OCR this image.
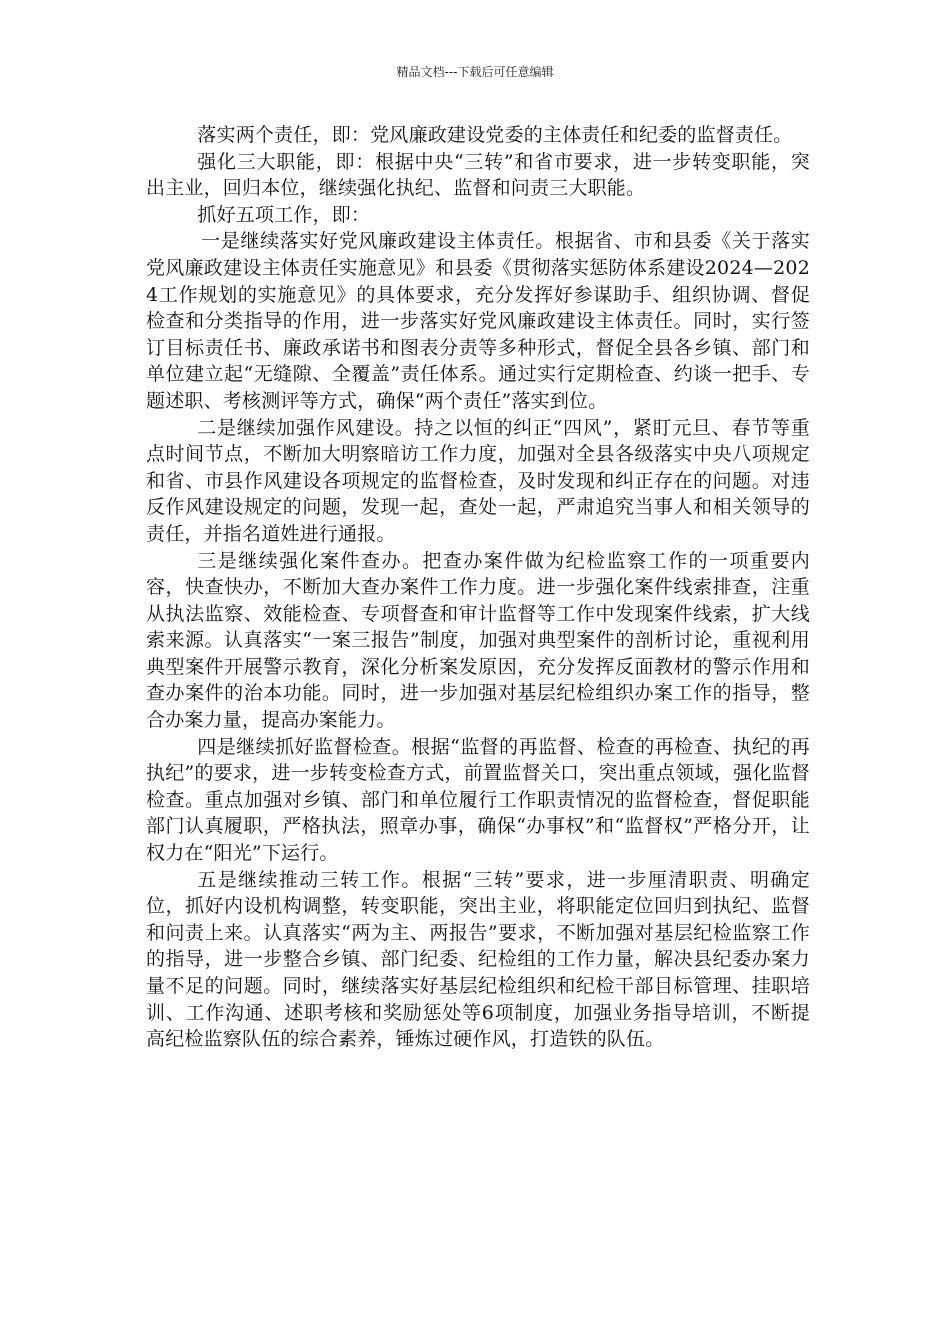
精品文档---下载后可任意编辑

落实两个责任，即：党风廉政建设党委的主体责任和纪委的监督责任。

强化三大职能，即：根据中央“三转”和省市要求，进一步转变职能，突出主业，回归本位，继续强化执纪、监督和问责三大职能。

抓好五项工作，即：

一是继续落实好党风廉政建设主体责任。根据省、市和县委《关于落实党风廉政建设主体责任实施意见》和县委《贯彻落实惩防体系建设2024—2024工作规划的实施意见》的具体要求，充分发挥好参谋助手、组织协调、督促检查和分类指导的作用，进一步落实好党风廉政建设主体责任。同时，实行签订目标责任书、廉政承诺书和图表分责等多种形式，督促全县各乡镇、部门和单位建立起“无缝隙、全覆盖”责任体系。通过实行定期检查、约谈一把手、专题述职、考核测评等方式，确保“两个责任”落实到位。

二是继续加强作风建设。持之以恒的纠正“四风”，紧盯元旦、春节等重点时间节点，不断加大明察暗访工作力度，加强对全县各级落实中央八项规定和省、市县作风建设各项规定的监督检查，及时发现和纠正存在的问题。对违反作风建设规定的问题，发现一起，查处一起，严肃追究当事人和相关领导的责任，并指名道姓进行通报。

三是继续强化案件查办。把查办案件做为纪检监察工作的一项重要内容，快查快办，不断加大查办案件工作力度。进一步强化案件线索排查，注重从执法监察、效能检查、专项督查和审计监督等工作中发现案件线索，扩大线索来源。认真落实“一案三报告”制度，加强对典型案件的剖析讨论，重视利用典型案件开展警示教育，深化分析案发原因，充分发挥反面教材的警示作用和查办案件的治本功能。同时，进一步加强对基层纪检组织办案工作的指导，整合办案力量，提高办案能力。

四是继续抓好监督检查。根据“监督的再监督、检查的再检查、执纪的再执纪”的要求，进一步转变检查方式，前置监督关口，突出重点领域，强化监督检查。重点加强对乡镇、部门和单位履行工作职责情况的监督检查，督促职能部门认真履职，严格执法，照章办事，确保“办事权”和“监督权”严格分开，让权力在“阳光”下运行。

五是继续推动三转工作。根据“三转”要求，进一步厘清职责、明确定位，抓好内设机构调整，转变职能，突出主业，将职能定位回归到执纪、监督和问责上来。认真落实“两为主、两报告”要求，不断加强对基层纪检监察工作的指导，进一步整合乡镇、部门纪委、纪检组的工作力量，解决县纪委办案力量不足的问题。同时，继续落实好基层纪检组织和纪检干部目标管理、挂职培训、工作沟通、述职考核和奖励惩处等6项制度，加强业务指导培训，不断提高纪检监察队伍的综合素养，锤炼过硬作风，打造铁的队伍。
